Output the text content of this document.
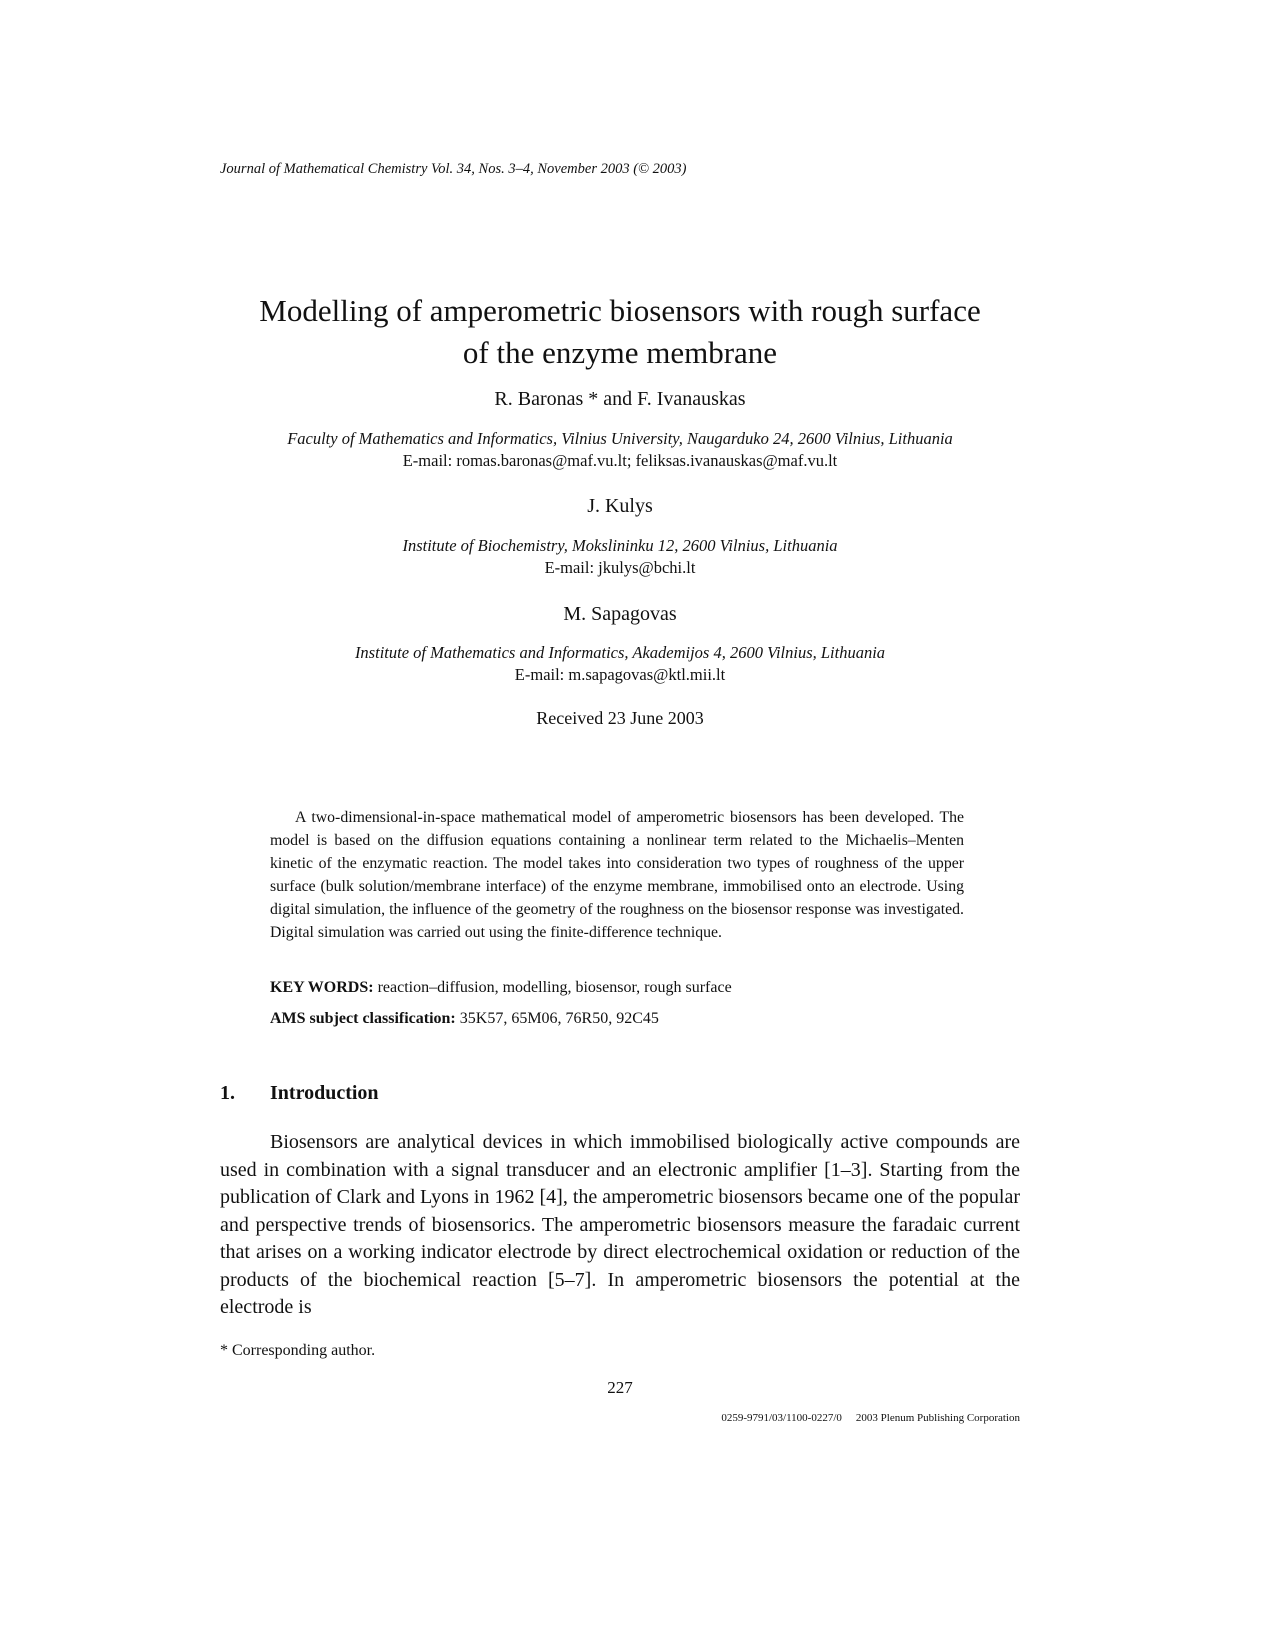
Journal of Mathematical Chemistry Vol. 34, Nos. 3–4, November 2003 (© 2003)
Modelling of amperometric biosensors with rough surface
of the enzyme membrane
R. Baronas * and F. Ivanauskas
Faculty of Mathematics and Informatics, Vilnius University, Naugarduko 24, 2600 Vilnius, Lithuania
E-mail: romas.baronas@maf.vu.lt; feliksas.ivanauskas@maf.vu.lt
J. Kulys
Institute of Biochemistry, Mokslininku 12, 2600 Vilnius, Lithuania
E-mail: jkulys@bchi.lt
M. Sapagovas
Institute of Mathematics and Informatics, Akademijos 4, 2600 Vilnius, Lithuania
E-mail: m.sapagovas@ktl.mii.lt
Received 23 June 2003

A two-dimensional-in-space mathematical model of amperometric biosensors has been developed. The model is based on the diffusion equations containing a nonlinear term related to the Michaelis–Menten kinetic of the enzymatic reaction. The model takes into consideration two types of roughness of the upper surface (bulk solution/membrane interface) of the enzyme membrane, immobilised onto an electrode. Using digital simulation, the influence of the geometry of the roughness on the biosensor response was investigated. Digital simulation was carried out using the finite-difference technique.

KEY WORDS: reaction–diffusion, modelling, biosensor, rough surface
AMS subject classification: 35K57, 65M06, 76R50, 92C45
1. Introduction

Biosensors are analytical devices in which immobilised biologically active compounds are used in combination with a signal transducer and an electronic amplifier [1–3]. Starting from the publication of Clark and Lyons in 1962 [4], the amperometric biosensors became one of the popular and perspective trends of biosensorics. The amperometric biosensors measure the faradaic current that arises on a working indicator electrode by direct electrochemical oxidation or reduction of the products of the biochemical reaction [5–7]. In amperometric biosensors the potential at the electrode is

* Corresponding author.
227
0259-9791/03/1100-0227/0 2003 Plenum Publishing Corporation
